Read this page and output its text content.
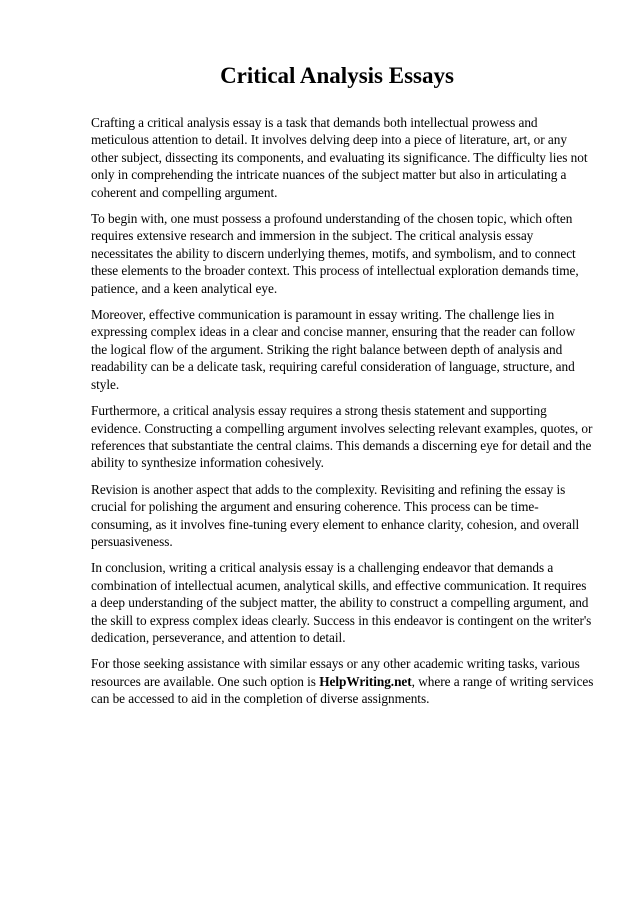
Critical Analysis Essays

Crafting a critical analysis essay is a task that demands both intellectual prowess and meticulous attention to detail. It involves delving deep into a piece of literature, art, or any other subject, dissecting its components, and evaluating its significance. The difficulty lies not only in comprehending the intricate nuances of the subject matter but also in articulating a coherent and compelling argument.

To begin with, one must possess a profound understanding of the chosen topic, which often requires extensive research and immersion in the subject. The critical analysis essay necessitates the ability to discern underlying themes, motifs, and symbolism, and to connect these elements to the broader context. This process of intellectual exploration demands time, patience, and a keen analytical eye.

Moreover, effective communication is paramount in essay writing. The challenge lies in expressing complex ideas in a clear and concise manner, ensuring that the reader can follow the logical flow of the argument. Striking the right balance between depth of analysis and readability can be a delicate task, requiring careful consideration of language, structure, and style.

Furthermore, a critical analysis essay requires a strong thesis statement and supporting evidence. Constructing a compelling argument involves selecting relevant examples, quotes, or references that substantiate the central claims. This demands a discerning eye for detail and the ability to synthesize information cohesively.

Revision is another aspect that adds to the complexity. Revisiting and refining the essay is crucial for polishing the argument and ensuring coherence. This process can be time-consuming, as it involves fine-tuning every element to enhance clarity, cohesion, and overall persuasiveness.

In conclusion, writing a critical analysis essay is a challenging endeavor that demands a combination of intellectual acumen, analytical skills, and effective communication. It requires a deep understanding of the subject matter, the ability to construct a compelling argument, and the skill to express complex ideas clearly. Success in this endeavor is contingent on the writer's dedication, perseverance, and attention to detail.

For those seeking assistance with similar essays or any other academic writing tasks, various resources are available. One such option is HelpWriting.net, where a range of writing services can be accessed to aid in the completion of diverse assignments.
